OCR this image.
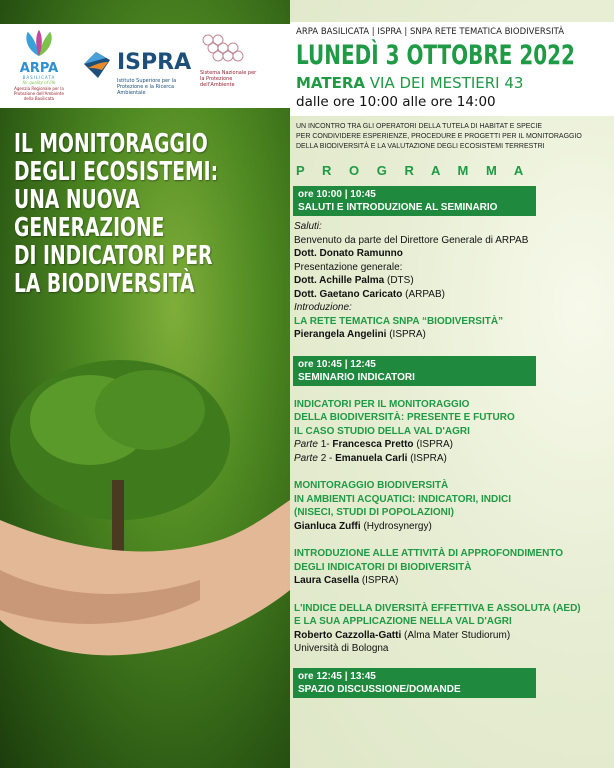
ARPA
BASILICATA
for quality of life
Agenzia Regionale per la Protezione dell'Ambiente della Basilicata
ISPRA
Istituto Superiore per la Protezione e la Ricerca Ambientale
Sistema Nazionale per la Protezione dell'Ambiente
IL MONITORAGGIO
DEGLI ECOSISTEMI:
UNA NUOVA
GENERAZIONE
DI INDICATORI PER
LA BIODIVERSITÀ
ARPA BASILICATA | ISPRA | SNPA RETE TEMATICA BIODIVERSITÀ
LUNEDÌ 3 OTTOBRE 2022
MATERA VIA DEI MESTIERI 43
dalle ore 10:00 alle ore 14:00
UN INCONTRO TRA GLI OPERATORI DELLA TUTELA DI HABITAT E SPECIE
PER CONDIVIDERE ESPERIENZE, PROCEDURE E PROGETTI PER IL MONITORAGGIO
DELLA BIODIVERSITÀ E LA VALUTAZIONE DEGLI ECOSISTEMI TERRESTRI
P R O G R A M M A
ore 10:00 | 10:45
SALUTI E INTRODUZIONE AL SEMINARIO
Saluti:
Benvenuto da parte del Direttore Generale di ARPAB
Dott. Donato Ramunno
Presentazione generale:
Dott. Achille Palma (DTS)
Dott. Gaetano Caricato (ARPAB)
Introduzione:
LA RETE TEMATICA SNPA “BIODIVERSITÀ”
Pierangela Angelini (ISPRA)
ore 10:45 | 12:45
SEMINARIO INDICATORI
INDICATORI PER IL MONITORAGGIO
DELLA BIODIVERSITÀ: PRESENTE E FUTURO
IL CASO STUDIO DELLA VAL D'AGRI
Parte 1- Francesca Pretto (ISPRA)
Parte 2 - Emanuela Carli (ISPRA)
MONITORAGGIO BIODIVERSITÀ
IN AMBIENTI ACQUATICI: INDICATORI, INDICI
(NISECI, STUDI DI POPOLAZIONI)
Gianluca Zuffi (Hydrosynergy)
INTRODUZIONE ALLE ATTIVITÀ DI APPROFONDIMENTO
DEGLI INDICATORI DI BIODIVERSITÀ
Laura Casella (ISPRA)
L'INDICE DELLA DIVERSITÀ EFFETTIVA E ASSOLUTA (AED)
E LA SUA APPLICAZIONE NELLA VAL D'AGRI
Roberto Cazzolla-Gatti (Alma Mater Studiorum)
Università di Bologna
ore 12:45 | 13:45
SPAZIO DISCUSSIONE/DOMANDE
